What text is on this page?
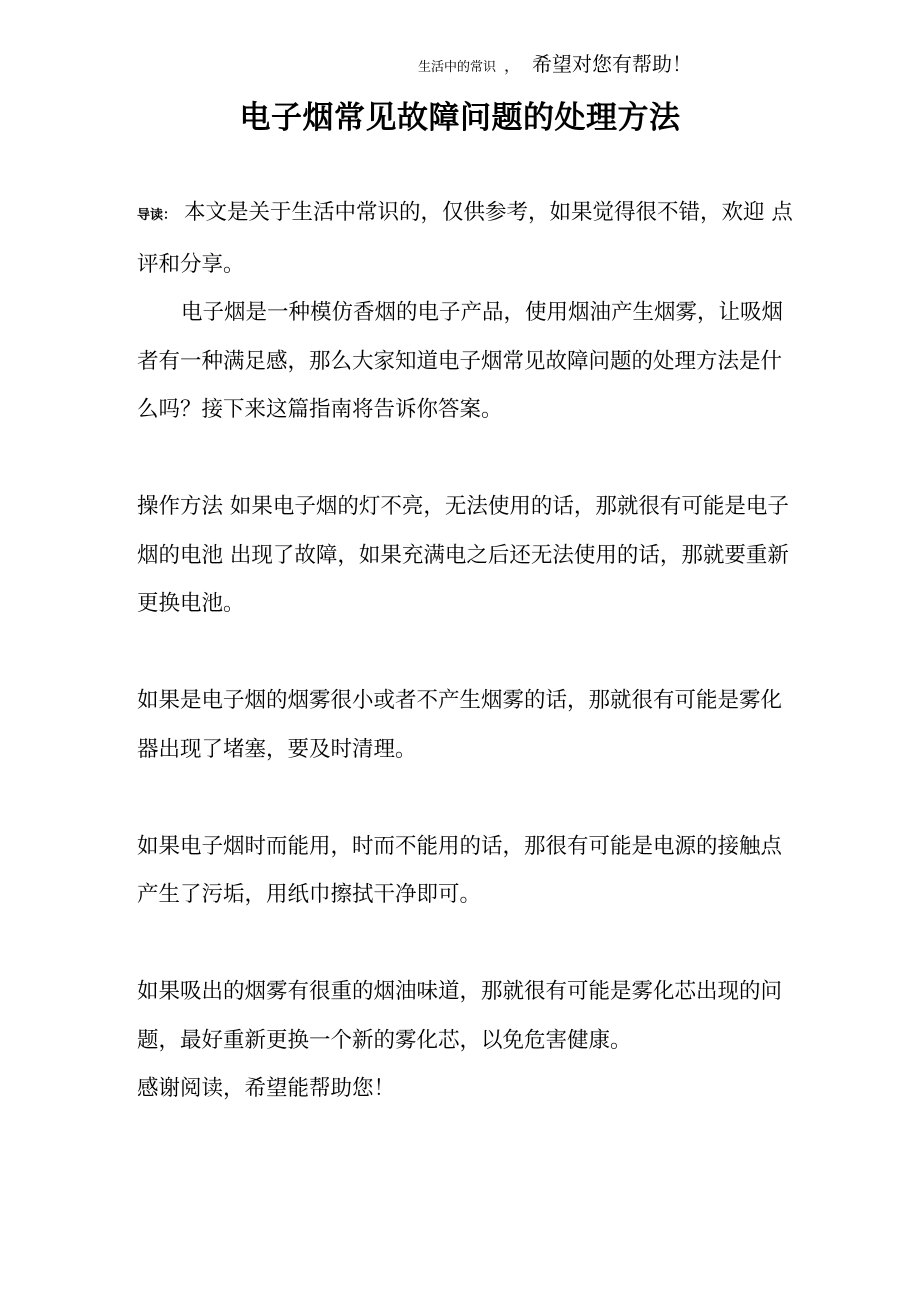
生活中的常识 ， 希望对您有帮助！
电子烟常见故障问题的处理方法

导读： 本文是关于生活中常识的，仅供参考，如果觉得很不错，欢迎 点评和分享。

电子烟是一种模仿香烟的电子产品，使用烟油产生烟雾，让吸烟 者有一种满足感，那么大家知道电子烟常见故障问题的处理方法是什 么吗？接下来这篇指南将告诉你答案。

操作方法 如果电子烟的灯不亮，无法使用的话，那就很有可能是电子烟的电池 出现了故障，如果充满电之后还无法使用的话，那就要重新更换电池。

如果是电子烟的烟雾很小或者不产生烟雾的话，那就很有可能是雾化 器出现了堵塞，要及时清理。

如果电子烟时而能用，时而不能用的话，那很有可能是电源的接触点 产生了污垢，用纸巾擦拭干净即可。

如果吸出的烟雾有很重的烟油味道，那就很有可能是雾化芯出现的问 题，最好重新更换一个新的雾化芯，以免危害健康。

感谢阅读，希望能帮助您！
